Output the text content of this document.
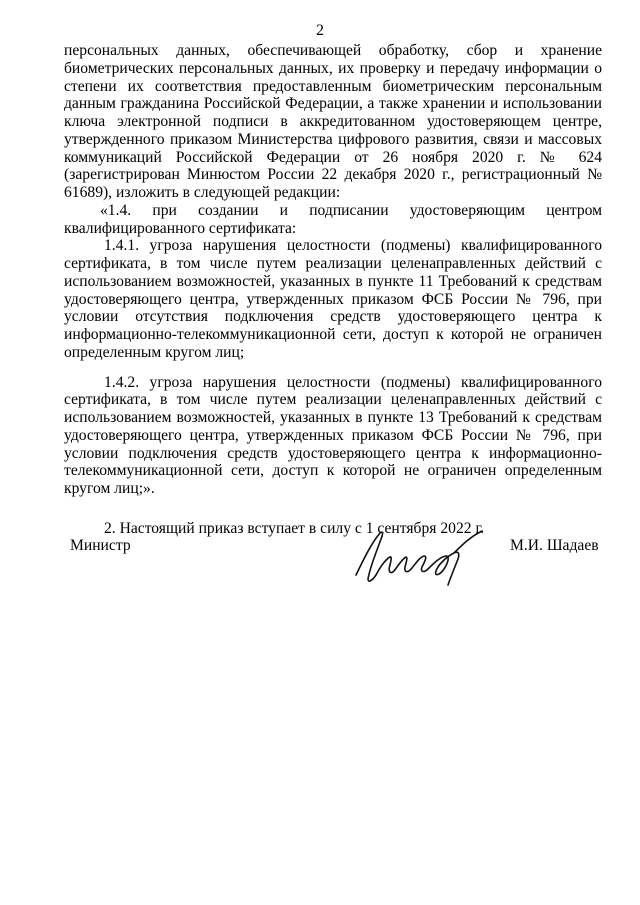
2

персональных данных, обеспечивающей обработку, сбор и хранение биометрических персональных данных, их проверку и передачу информации о степени их соответствия предоставленным биометрическим персональным данным гражданина Российской Федерации, а также хранении и использовании ключа электронной подписи в аккредитованном удостоверяющем центре, утвержденного приказом Министерства цифрового развития, связи и массовых коммуникаций Российской Федерации от 26 ноября 2020 г. № 624 (зарегистрирован Минюстом России 22 декабря 2020 г., регистрационный № 61689), изложить в следующей редакции:

«1.4. при создании и подписании удостоверяющим центром квалифицированного сертификата:

1.4.1. угроза нарушения целостности (подмены) квалифицированного сертификата, в том числе путем реализации целенаправленных действий с использованием возможностей, указанных в пункте 11 Требований к средствам удостоверяющего центра, утвержденных приказом ФСБ России № 796, при условии отсутствия подключения средств удостоверяющего центра к информационно-телекоммуникационной сети, доступ к которой не ограничен определенным кругом лиц;

1.4.2. угроза нарушения целостности (подмены) квалифицированного сертификата, в том числе путем реализации целенаправленных действий с использованием возможностей, указанных в пункте 13 Требований к средствам удостоверяющего центра, утвержденных приказом ФСБ России № 796, при условии подключения средств удостоверяющего центра к информационно-телекоммуникационной сети, доступ к которой не ограничен определенным кругом лиц;».

2. Настоящий приказ вступает в силу с 1 сентября 2022 г.

Министр	М.И. Шадаев
